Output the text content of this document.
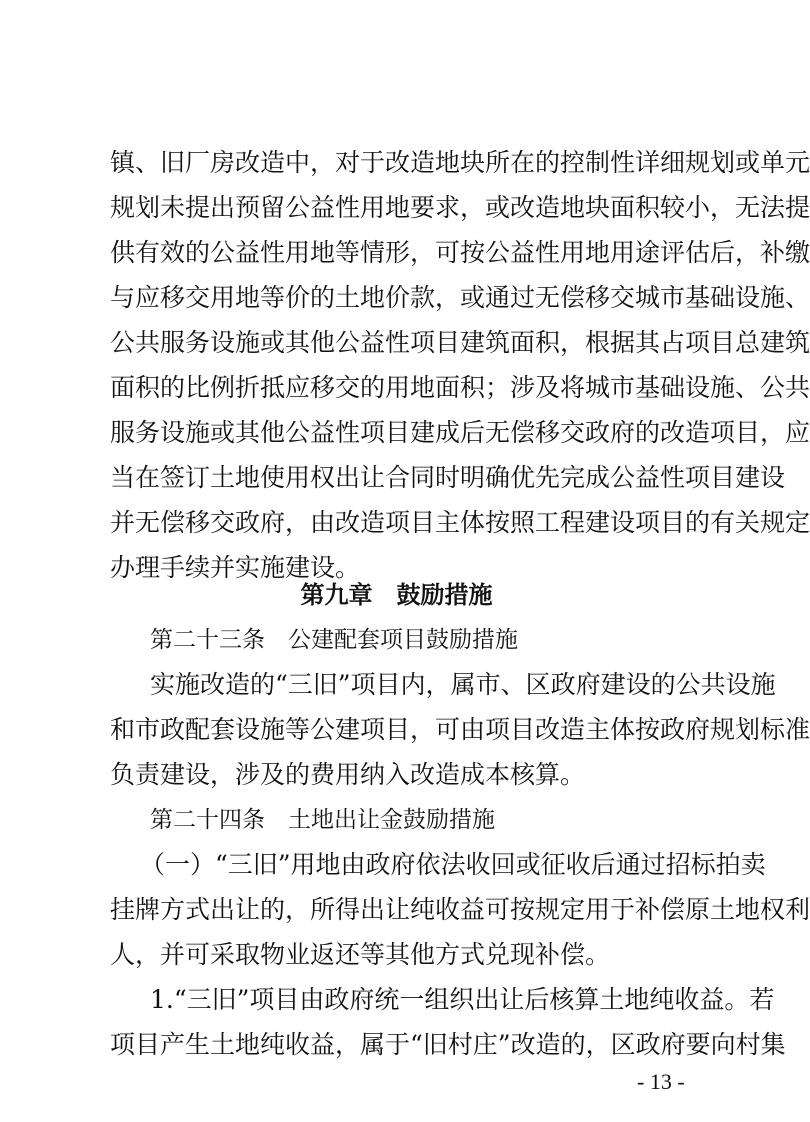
镇、旧厂房改造中，对于改造地块所在的控制性详细规划或单元
规划未提出预留公益性用地要求，或改造地块面积较小，无法提
供有效的公益性用地等情形，可按公益性用地用途评估后，补缴
与应移交用地等价的土地价款，或通过无偿移交城市基础设施、
公共服务设施或其他公益性项目建筑面积，根据其占项目总建筑
面积的比例折抵应移交的用地面积；涉及将城市基础设施、公共
服务设施或其他公益性项目建成后无偿移交政府的改造项目，应
当在签订土地使用权出让合同时明确优先完成公益性项目建设
并无偿移交政府，由改造项目主体按照工程建设项目的有关规定
办理手续并实施建设。
第九章　鼓励措施
第二十三条　公建配套项目鼓励措施
实施改造的“三旧”项目内，属市、区政府建设的公共设施
和市政配套设施等公建项目，可由项目改造主体按政府规划标准
负责建设，涉及的费用纳入改造成本核算。
第二十四条　土地出让金鼓励措施
（一）“三旧”用地由政府依法收回或征收后通过招标拍卖
挂牌方式出让的，所得出让纯收益可按规定用于补偿原土地权利
人，并可采取物业返还等其他方式兑现补偿。
1.“三旧”项目由政府统一组织出让后核算土地纯收益。若
项目产生土地纯收益，属于“旧村庄”改造的，区政府要向村集
- 13 -
